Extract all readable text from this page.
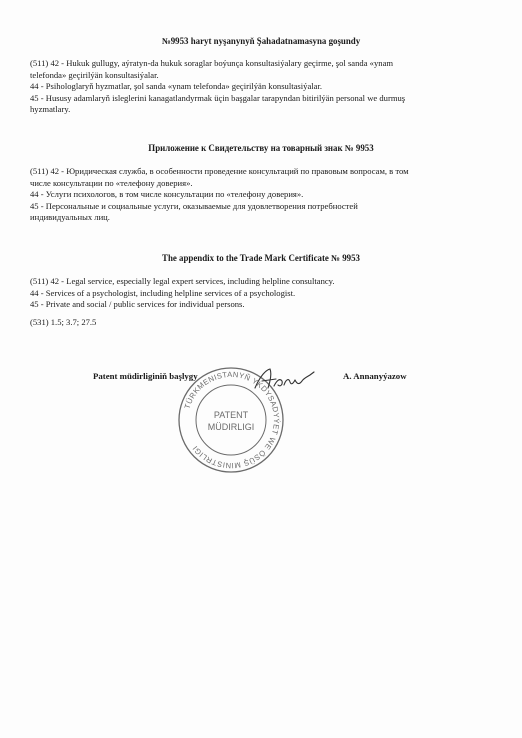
№9953 haryt nyşanynyň Şahadatnamasyna goşundy
(511) 42 - Hukuk gullugy, aýratyn-da hukuk soraglar boýunça konsultasiýalary geçirme, şol sanda «ynam
telefonda» geçirilýän konsultasiýalar.
44 - Psihologlaryň hyzmatlar, şol sanda «ynam telefonda» geçirilýän konsultasiýalar.
45 - Hususy adamlaryň isleglerini kanagatlandyrmak üçin başgalar tarapyndan bitirilýän personal we durmuş
hyzmatlary.
Приложение к Свидетельству на товарный знак № 9953
(511) 42 - Юридическая служба, в особенности проведение консультаций по правовым вопросам, в том
числе консультации по «телефону доверия».
44 - Услуги психологов, в том числе консультации по «телефону доверия».
45 - Персональные и социальные услуги, оказываемые для удовлетворения потребностей
индивидуальных лиц.
The appendix to the Trade Mark Certificate № 9953
(511) 42 - Legal service, especially legal expert services, including helpline consultancy.
44 - Services of a psychologist, including helpline services of a psychologist.
45 - Private and social / public services for individual persons.
(531) 1.5; 3.7; 27.5
Patent müdirliginiň başlygy	A. Annanyýazow
TÜRKMENISTANYŇ YKDYSADYÝET WE ÖSÜŞ MINISTRLIGI
PATENT
MÜDIRLIGI
